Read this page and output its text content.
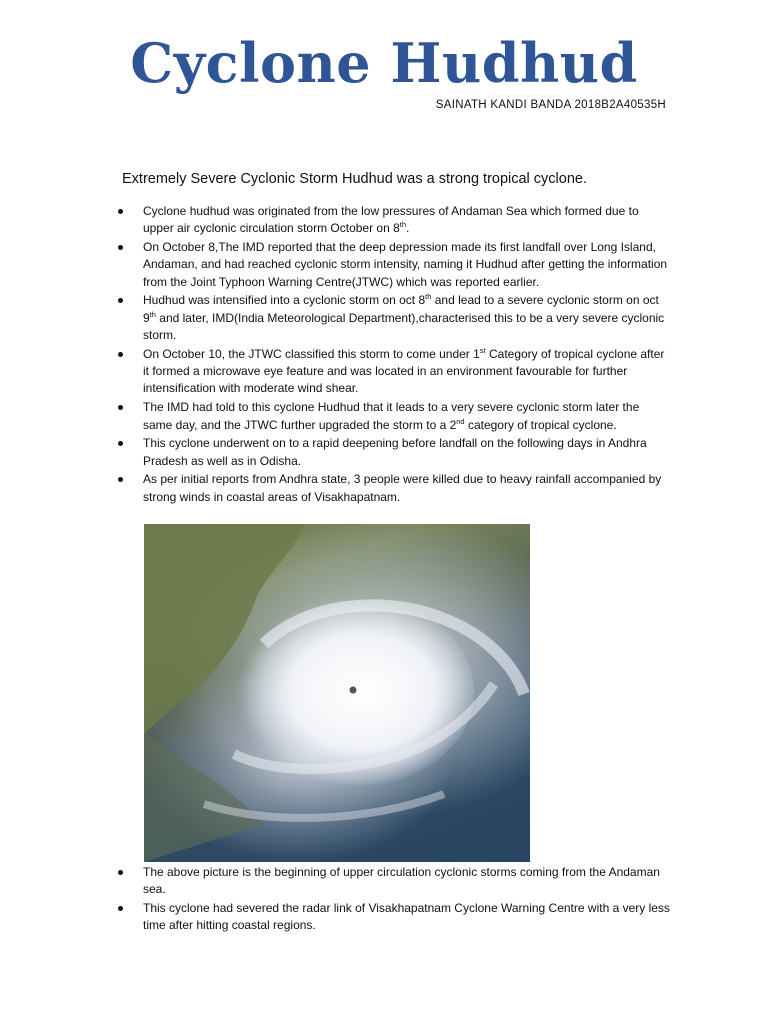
Cyclone Hudhud
SAINATH KANDI BANDA 2018B2A40535H
Extremely Severe Cyclonic Storm Hudhud was a strong tropical cyclone.
Cyclone hudhud was originated from the low pressures of Andaman Sea which formed due to upper air cyclonic circulation storm October on 8th.
On October 8,The IMD reported that the deep depression made its first landfall over Long Island, Andaman, and had reached cyclonic storm intensity, naming it Hudhud after getting the information from the Joint Typhoon Warning Centre(JTWC) which was reported earlier.
Hudhud was intensified into a cyclonic storm on oct 8th and lead to a severe cyclonic storm on oct 9th and later, IMD(India Meteorological Department),characterised this to be a very severe cyclonic storm.
On October 10, the JTWC classified this storm to come under 1st Category of tropical cyclone after it formed a microwave eye feature and was located in an environment favourable for further intensification with moderate wind shear.
The IMD had told to this cyclone Hudhud that it leads to a very severe cyclonic storm later the same day, and the JTWC further upgraded the storm to a 2nd category of tropical cyclone.
This cyclone underwent on to a rapid deepening before landfall on the following days in Andhra Pradesh as well as in Odisha.
As per initial reports from Andhra state, 3 people were killed due to heavy rainfall accompanied by strong winds in coastal areas of Visakhapatnam.
The above picture is the beginning of upper circulation cyclonic storms coming from the Andaman sea.
This cyclone had severed the radar link of Visakhapatnam Cyclone Warning Centre with a very less time after hitting coastal regions.
